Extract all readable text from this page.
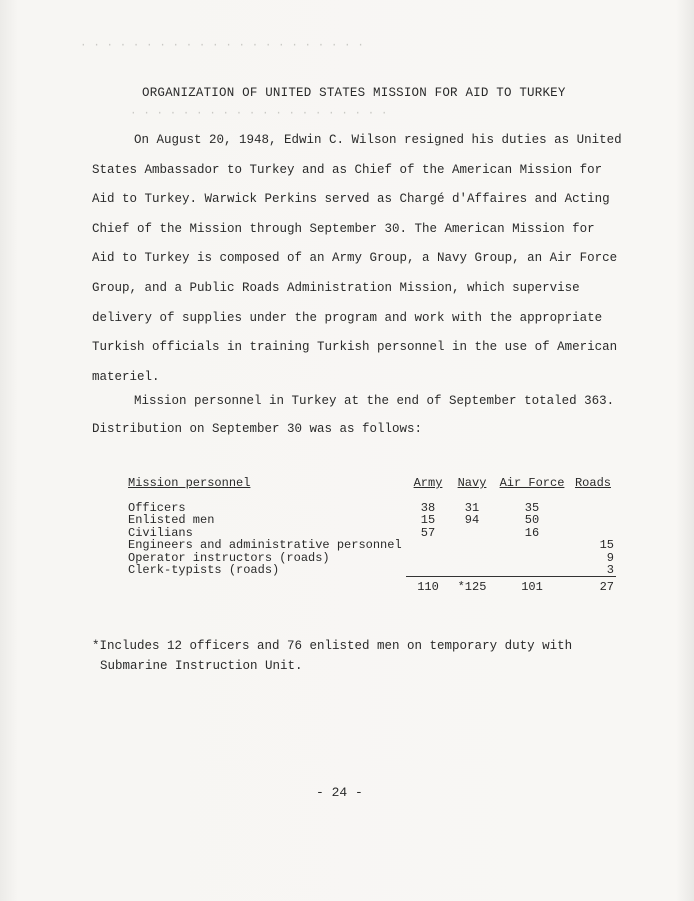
· · · · · · · · · · · · · · · · · · · · · ·
· · · · · · · · · · · · · · · · · · · ·
ORGANIZATION OF UNITED STATES MISSION FOR AID TO TURKEY
On August 20, 1948, Edwin C. Wilson resigned his duties as United
States Ambassador to Turkey and as Chief of the American Mission for
Aid to Turkey. Warwick Perkins served as Chargé d'Affaires and Acting
Chief of the Mission through September 30. The American Mission for
Aid to Turkey is composed of an Army Group, a Navy Group, an Air Force
Group, and a Public Roads Administration Mission, which supervise
delivery of supplies under the program and work with the appropriate
Turkish officials in training Turkish personnel in the use of American
materiel.
Mission personnel in Turkey at the end of September totaled 363.
Distribution on September 30 was as follows:
Mission personnel	Army	Navy	Air Force	Roads
Officers	38	31	35	
Enlisted men	15	94	50	
Civilians	57		16	
Engineers and administrative personnel				15
Operator instructors (roads)				9
Clerk-typists (roads)				3
	110	*125	101	27
*Includes 12 officers and 76 enlisted men on temporary duty with
Submarine Instruction Unit.
- 24 -
